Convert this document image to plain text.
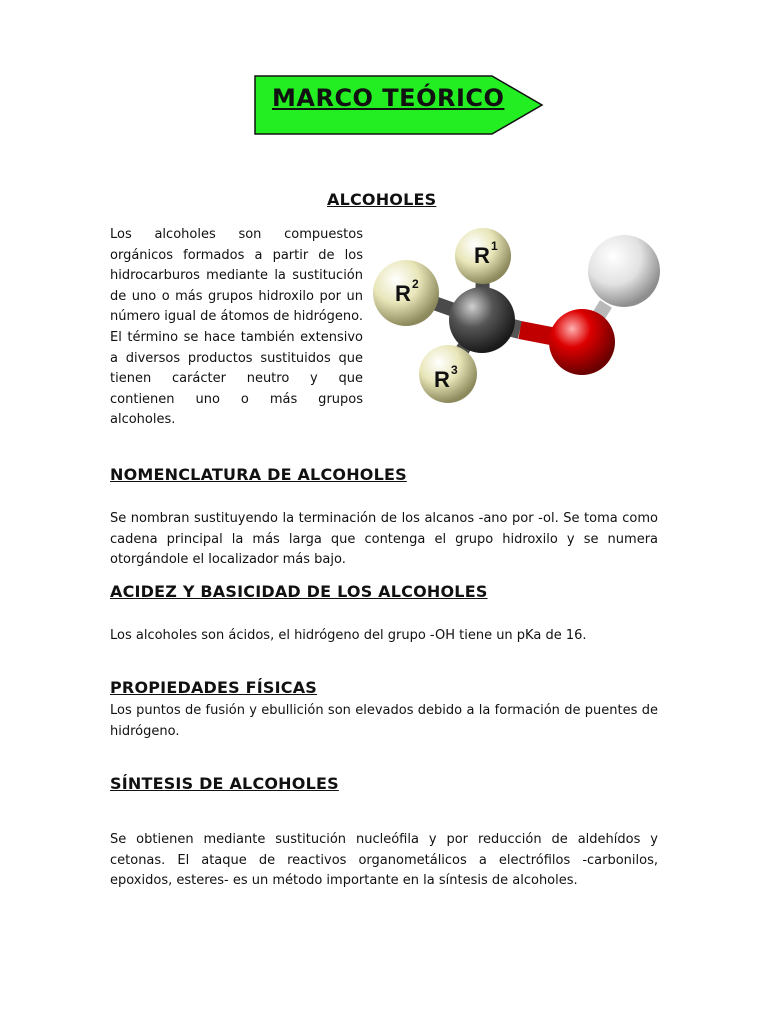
MARCO TEÓRICO
ALCOHOLES

Los alcoholes son compuestos orgánicos formados a partir de los hidrocarburos mediante la sustitución de uno o más grupos hidroxilo por un número igual de átomos de hidrógeno. El término se hace también extensivo a diversos productos sustituidos que tienen carácter neutro y que contienen uno o más grupos alcoholes.

R 1
R 2
R 3
NOMENCLATURA DE ALCOHOLES

Se nombran sustituyendo la terminación de los alcanos -ano por -ol. Se toma como cadena principal la más larga que contenga el grupo hidroxilo y se numera otorgándole el localizador más bajo.

ACIDEZ Y BASICIDAD DE LOS ALCOHOLES

Los alcoholes son ácidos, el hidrógeno del grupo -OH tiene un pKa de 16.

PROPIEDADES FÍSICAS

Los puntos de fusión y ebullición son elevados debido a la formación de puentes de hidrógeno.

SÍNTESIS DE ALCOHOLES

Se obtienen mediante sustitución nucleófila y por reducción de aldehídos y cetonas. El ataque de reactivos organometálicos a electrófilos -carbonilos, epoxidos, esteres- es un método importante en la síntesis de alcoholes.
